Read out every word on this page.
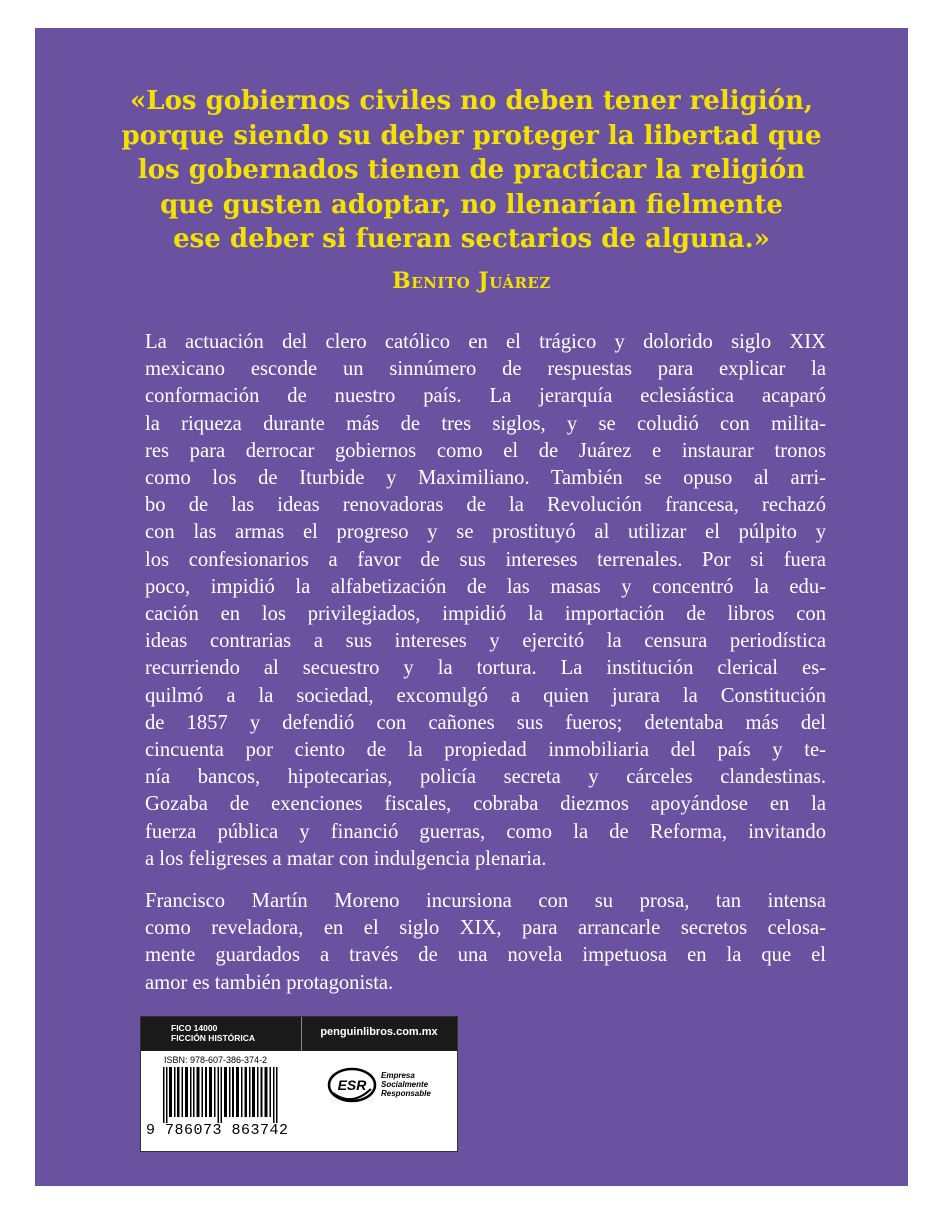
«Los gobiernos civiles no deben tener religión,
porque siendo su deber proteger la libertad que
los gobernados tienen de practicar la religión
que gusten adoptar, no llenarían fielmente
ese deber si fueran sectarios de alguna.»
Benito Juárez
La actuación del clero católico en el trágico y dolorido siglo XIX
mexicano esconde un sinnúmero de respuestas para explicar la
conformación de nuestro país. La jerarquía eclesiástica acaparó
la riqueza durante más de tres siglos, y se coludió con milita-
res para derrocar gobiernos como el de Juárez e instaurar tronos
como los de Iturbide y Maximiliano. También se opuso al arri-
bo de las ideas renovadoras de la Revolución francesa, rechazó
con las armas el progreso y se prostituyó al utilizar el púlpito y
los confesionarios a favor de sus intereses terrenales. Por si fuera
poco, impidió la alfabetización de las masas y concentró la edu-
cación en los privilegiados, impidió la importación de libros con
ideas contrarias a sus intereses y ejercitó la censura periodística
recurriendo al secuestro y la tortura. La institución clerical es-
quilmó a la sociedad, excomulgó a quien jurara la Constitución
de 1857 y defendió con cañones sus fueros; detentaba más del
cincuenta por ciento de la propiedad inmobiliaria del país y te-
nía bancos, hipotecarias, policía secreta y cárceles clandestinas.
Gozaba de exenciones fiscales, cobraba diezmos apoyándose en la
fuerza pública y financió guerras, como la de Reforma, invitando
a los feligreses a matar con indulgencia plenaria.
Francisco Martín Moreno incursiona con su prosa, tan intensa
como reveladora, en el siglo XIX, para arrancarle secretos celosa-
mente guardados a través de una novela impetuosa en la que el
amor es también protagonista.
FICO 14000
FICCIÓN HISTÓRICA	penguinlibros.com.mx
ISBN: 978-607-386-374-2
9 786073 863742
ESR
Empresa
Socialmente
Responsable
